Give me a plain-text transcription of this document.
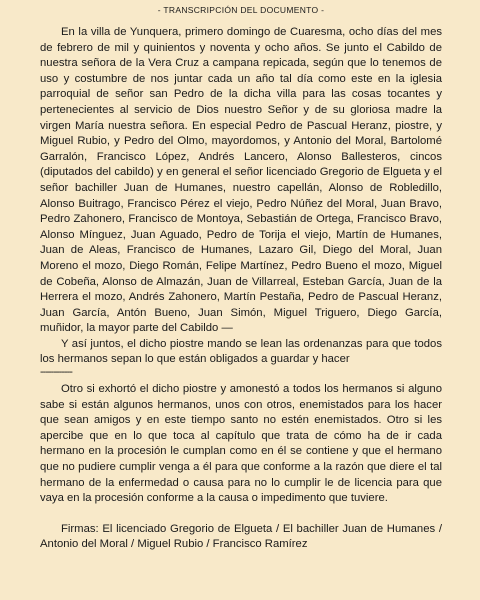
- TRANSCRIPCIÓN DEL DOCUMENTO -

En la villa de Yunquera, primero domingo de Cuaresma, ocho días del mes de febrero de mil y quinientos y noventa y ocho años. Se junto el Cabildo de nuestra señora de la Vera Cruz a campana repicada, según que lo tenemos de uso y costumbre de nos juntar cada un año tal día como este en la iglesia parroquial de señor san Pedro de la dicha villa para las cosas tocantes y pertenecientes al servicio de Dios nuestro Señor y de su gloriosa madre la virgen María nuestra señora. En especial Pedro de Pascual Heranz, piostre, y Miguel Rubio, y Pedro del Olmo, mayordomos, y Antonio del Moral, Bartolomé Garralón, Francisco López, Andrés Lancero, Alonso Ballesteros, cincos (diputados del cabildo) y en general el señor licenciado Gregorio de Elgueta y el señor bachiller Juan de Humanes, nuestro capellán, Alonso de Robledillo, Alonso Buitrago, Francisco Pérez el viejo, Pedro Núñez del Moral, Juan Bravo, Pedro Zahonero, Francisco de Montoya, Sebastián de Ortega, Francisco Bravo, Alonso Mínguez, Juan Aguado, Pedro de Torija el viejo, Martín de Humanes, Juan de Aleas, Francisco de Humanes, Lazaro Gil, Diego del Moral, Juan Moreno el mozo, Diego Román, Felipe Martínez, Pedro Bueno el mozo, Miguel de Cobeña, Alonso de Almazán, Juan de Villarreal, Esteban García, Juan de la Herrera el mozo, Andrés Zahonero, Martín Pestaña, Pedro de Pascual Heranz, Juan García, Antón Bueno, Juan Simón, Miguel Triguero, Diego García, muñidor, la mayor parte del Cabildo —

Y así juntos, el dicho piostre mando se lean las ordenanzas para que todos los hermanos sepan lo que están obligados a guardar y hacer

------------

Otro si exhortó el dicho piostre y amonestó a todos los hermanos si alguno sabe si están algunos hermanos, unos con otros, enemistados para los hacer que sean amigos y en este tiempo santo no estén enemistados. Otro si les apercibe que en lo que toca al capítulo que trata de cómo ha de ir cada hermano en la procesión le cumplan como en él se contiene y que el hermano que no pudiere cumplir venga a él para que conforme a la razón que diere el tal hermano de la enfermedad o causa para no lo cumplir le de licencia para que vaya en la procesión conforme a la causa o impedimento que tuviere.

Firmas: El licenciado Gregorio de Elgueta / El bachiller Juan de Humanes / Antonio del Moral / Miguel Rubio / Francisco Ramírez
